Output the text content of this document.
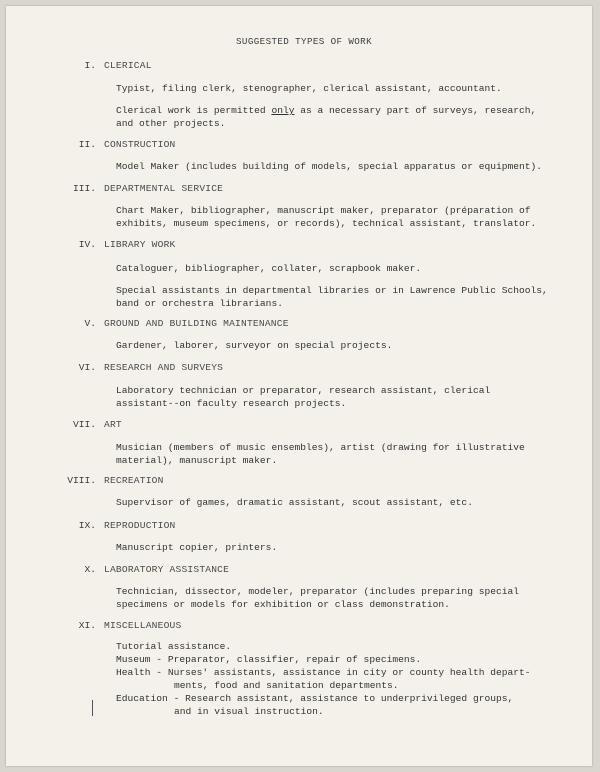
SUGGESTED TYPES OF WORK
I. CLERICAL
Typist, filing clerk, stenographer, clerical assistant, accountant.
Clerical work is permitted only as a necessary part of surveys, research,
and other projects.
II. CONSTRUCTION
Model Maker (includes building of models, special apparatus or equipment).
III. DEPARTMENTAL SERVICE
Chart Maker, bibliographer, manuscript maker, preparator (préparation of
exhibits, museum specimens, or records), technical assistant, translator.
IV. LIBRARY WORK
Cataloguer, bibliographer, collater, scrapbook maker.
Special assistants in departmental libraries or in Lawrence Public Schools,
band or orchestra librarians.
V. GROUND AND BUILDING MAINTENANCE
Gardener, laborer, surveyor on special projects.
VI. RESEARCH AND SURVEYS
Laboratory technician or preparator, research assistant, clerical
assistant--on faculty research projects.
VII. ART
Musician (members of music ensembles), artist (drawing for illustrative
material), manuscript maker.
VIII. RECREATION
Supervisor of games, dramatic assistant, scout assistant, etc.
IX. REPRODUCTION
Manuscript copier, printers.
X. LABORATORY ASSISTANCE
Technician, dissector, modeler, preparator (includes preparing special
specimens or models for exhibition or class demonstration.
XI. MISCELLANEOUS
Tutorial assistance.
Museum - Preparator, classifier, repair of specimens.
Health - Nurses' assistants, assistance in city or county health depart-
ments, food and sanitation departments.
Education - Research assistant, assistance to underprivileged groups,
and in visual instruction.
